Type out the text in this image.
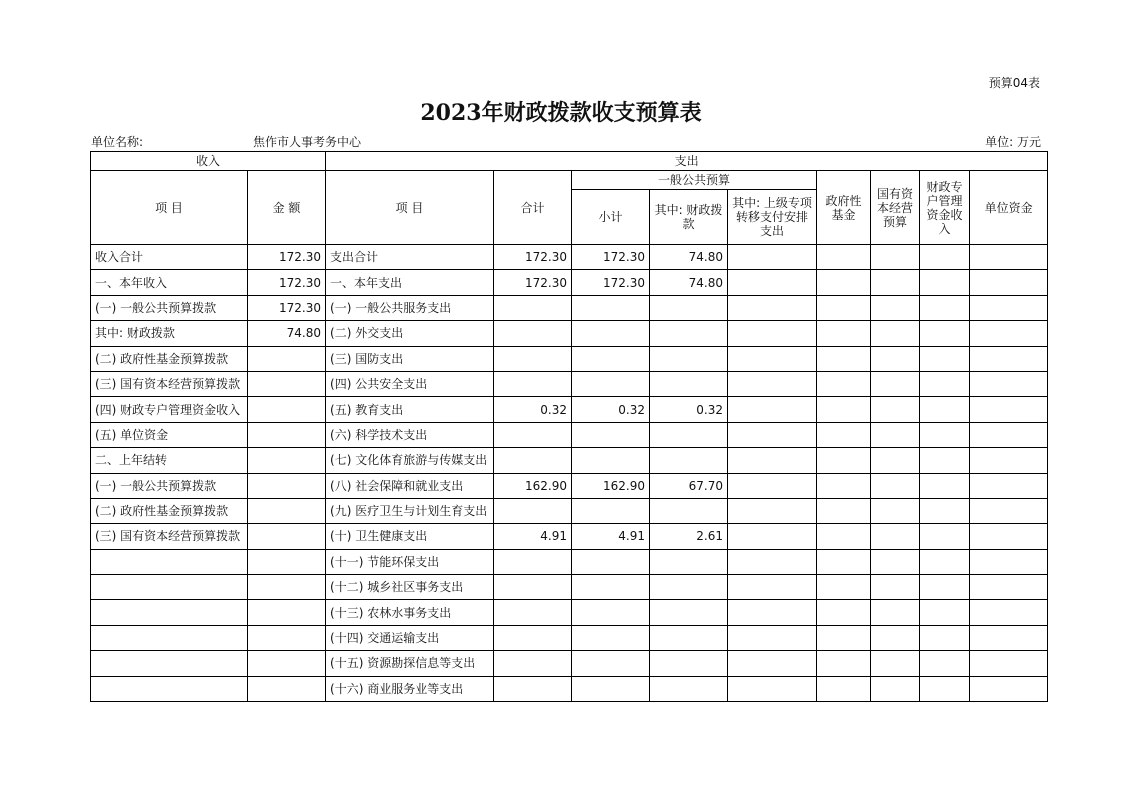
预算04表
2023年财政拨款收支预算表
单位名称:	焦作市人事考务中心	单位: 万元
收入		支出								
项 目	金 额	项 目	合计	一般公共预算			政府性基金	国有资本经营预算	财政专户管理资金收入	单位资金
				小计	其中: 财政拨款	其中: 上级专项转移支付安排支出				
收入合计	172.30	支出合计	172.30	172.30	74.80					
一、本年收入	172.30	一、本年支出	172.30	172.30	74.80					
(一) 一般公共预算拨款	172.30	(一) 一般公共服务支出								
其中: 财政拨款	74.80	(二) 外交支出								
(二) 政府性基金预算拨款		(三) 国防支出								
(三) 国有资本经营预算拨款		(四) 公共安全支出								
(四) 财政专户管理资金收入		(五) 教育支出	0.32	0.32	0.32					
(五) 单位资金		(六) 科学技术支出								
二、上年结转		(七) 文化体育旅游与传媒支出								
(一) 一般公共预算拨款		(八) 社会保障和就业支出	162.90	162.90	67.70					
(二) 政府性基金预算拨款		(九) 医疗卫生与计划生育支出								
(三) 国有资本经营预算拨款		(十) 卫生健康支出	4.91	4.91	2.61					
		(十一) 节能环保支出								
		(十二) 城乡社区事务支出								
		(十三) 农林水事务支出								
		(十四) 交通运输支出								
		(十五) 资源勘探信息等支出								
		(十六) 商业服务业等支出								
